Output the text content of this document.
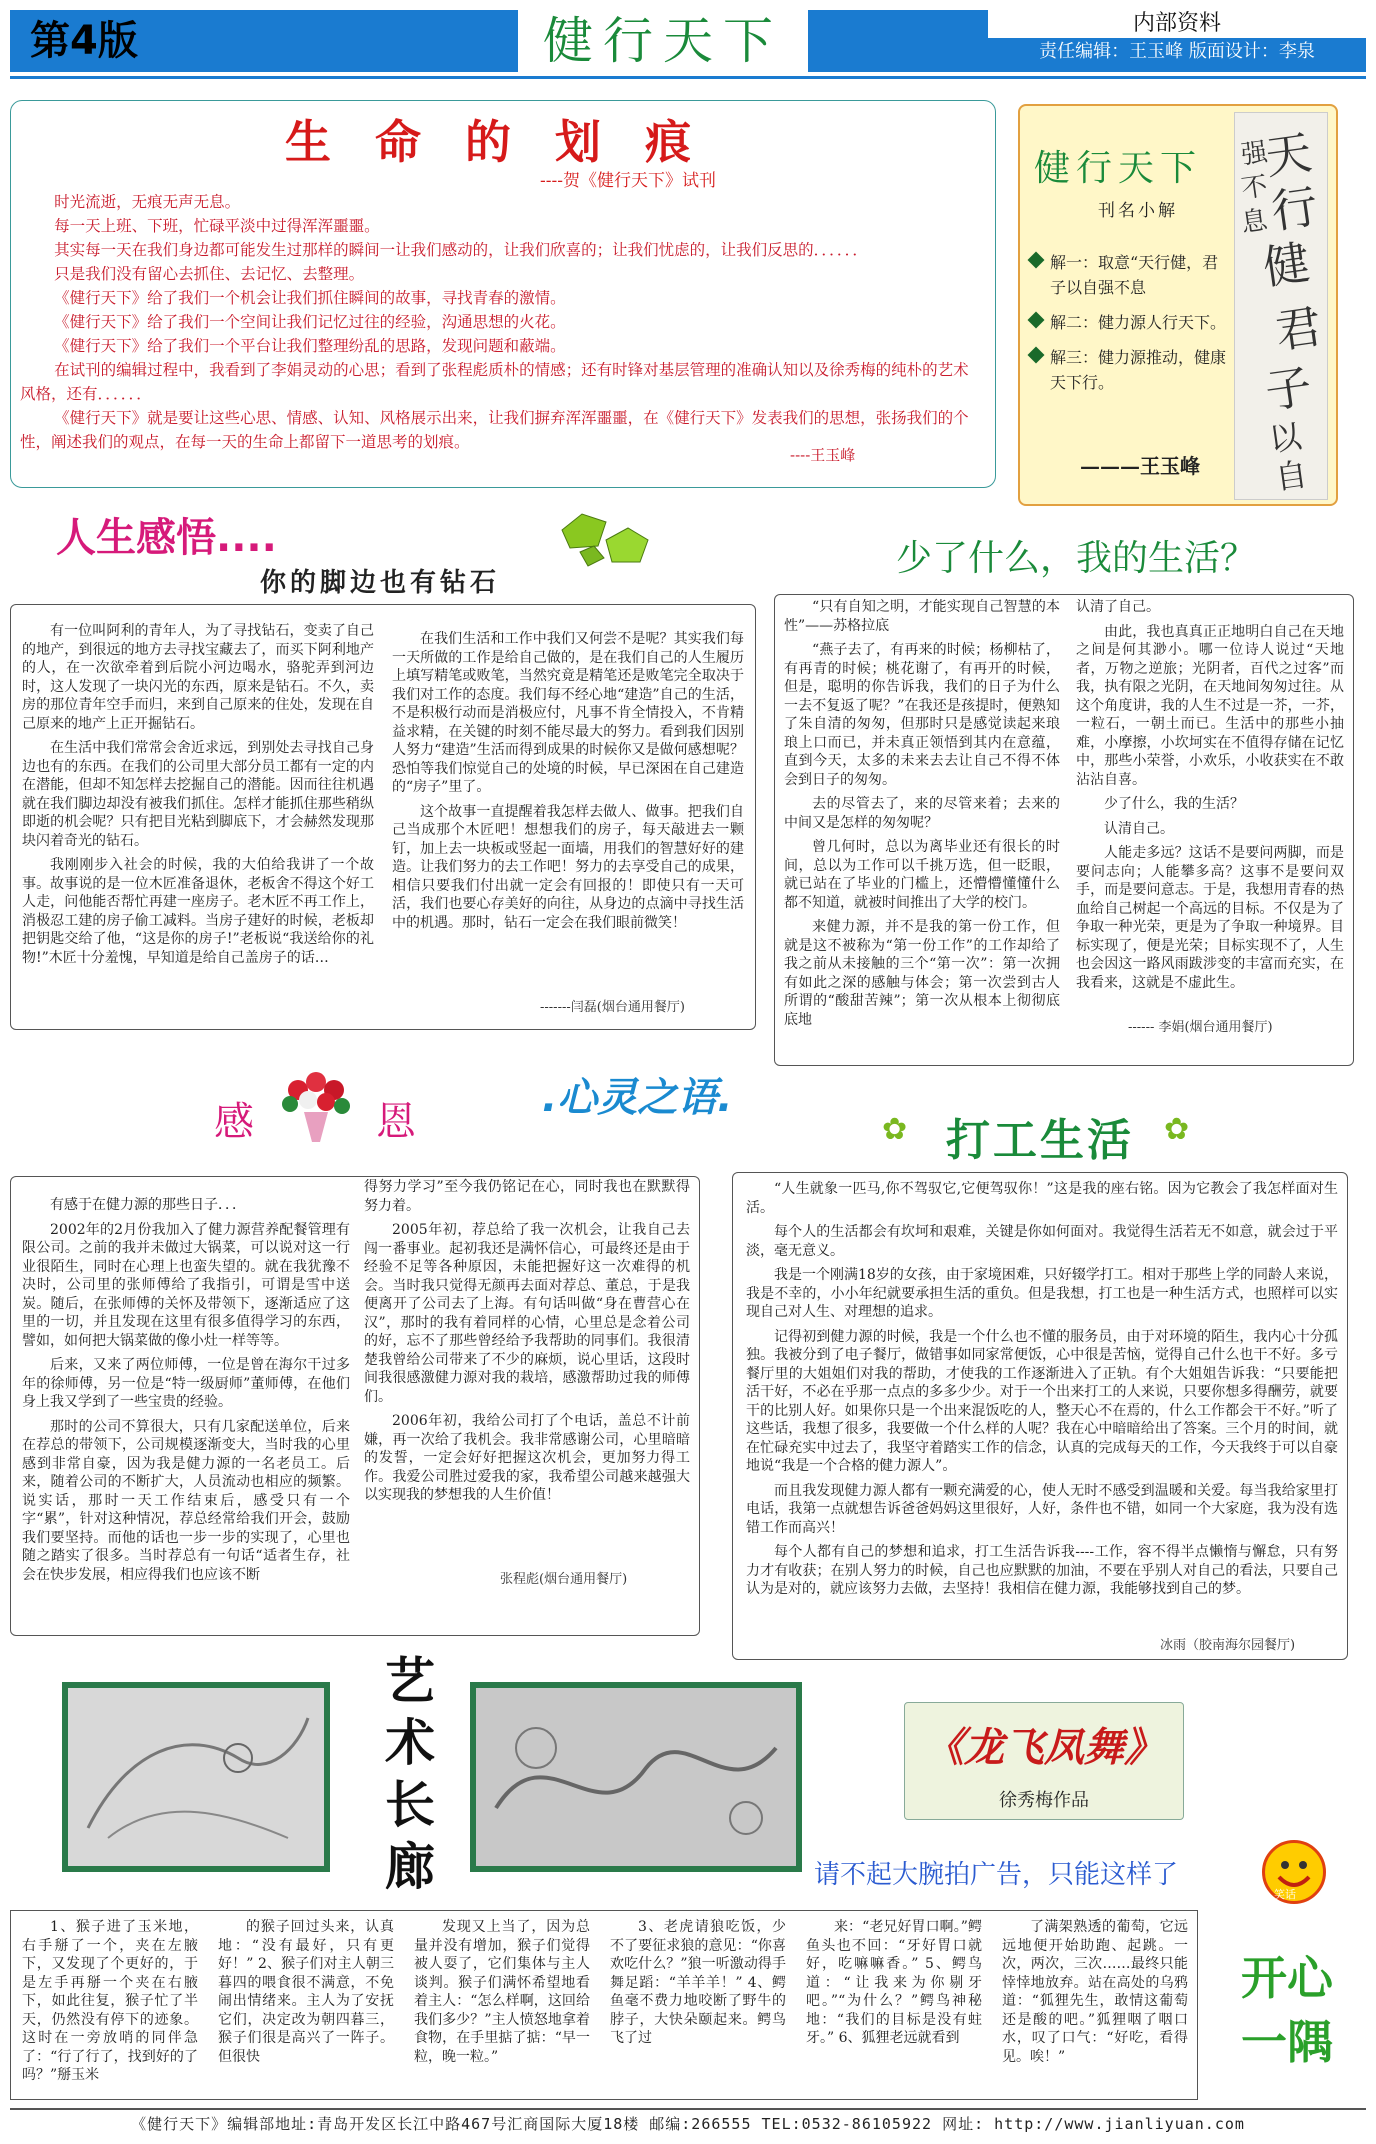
第4版	健行天下	内部资料
责任编辑：王玉峰 版面设计：李泉
生命的划痕
----贺《健行天下》试刊

时光流逝，无痕无声无息。

每一天上班、下班，忙碌平淡中过得浑浑噩噩。

其实每一天在我们身边都可能发生过那样的瞬间一让我们感动的，让我们欣喜的；让我们忧虑的，让我们反思的．．．．．．

只是我们没有留心去抓住、去记忆、去整理。

《健行天下》给了我们一个机会让我们抓住瞬间的故事，寻找青春的激情。

《健行天下》给了我们一个空间让我们记忆过往的经验，沟通思想的火花。

《健行天下》给了我们一个平台让我们整理纷乱的思路，发现问题和蔽端。

在试刊的编辑过程中，我看到了李娟灵动的心思；看到了张程彪质朴的情感；还有时锋对基层管理的准确认知以及徐秀梅的纯朴的艺术风格，还有．．．．．．

《健行天下》就是要让这些心思、情感、认知、风格展示出来，让我们摒弃浑浑噩噩，在《健行天下》发表我们的思想，张扬我们的个性，阐述我们的观点，在每一天的生命上都留下一道思考的划痕。

----王玉峰
健行天下
刊名小解
解一：取意“天行健，君子以自强不息
解二：健力源人行天下。
解三：健力源推动，健康天下行。
———王玉峰
天
行
健
君
子
强
不
息
以
自
人生感悟....
你的脚边也有钻石

有一位叫阿利的青年人，为了寻找钻石，变卖了自己的地产，到很远的地方去寻找宝藏去了，而买下阿利地产的人，在一次欲牵着到后院小河边喝水，骆驼弄到河边时，这人发现了一块闪光的东西，原来是钻石。不久，卖房的那位青年空手而归，来到自己原来的住处，发现在自己原来的地产上正开掘钻石。

在生活中我们常常会舍近求远，到别处去寻找自己身边也有的东西。在我们的公司里大部分员工都有一定的内在潜能，但却不知怎样去挖掘自己的潜能。因而往往机遇就在我们脚边却没有被我们抓住。怎样才能抓住那些稍纵即逝的机会呢？只有把目光粘到脚底下，才会赫然发现那块闪着奇光的钻石。

我刚刚步入社会的时候，我的大伯给我讲了一个故事。故事说的是一位木匠准备退休，老板舍不得这个好工人走，问他能否帮忙再建一座房子。老木匠不再工作上，消极忍工建的房子偷工减料。当房子建好的时候，老板却把钥匙交给了他，“这是你的房子!”老板说“我送给你的礼物!”木匠十分羞愧，早知道是给自己盖房子的话…

在我们生活和工作中我们又何尝不是呢？其实我们每一天所做的工作是给自己做的，是在我们自己的人生履历上填写精笔或败笔，当然究竟是精笔还是败笔完全取决于我们对工作的态度。我们每不经心地“建造”自己的生活，不是积极行动而是消极应付，凡事不肯全情投入，不肯精益求精，在关键的时刻不能尽最大的努力。看到我们因别人努力“建造”生活而得到成果的时候你又是做何感想呢？恐怕等我们惊觉自己的处境的时候，早已深困在自己建造的“房子”里了。

这个故事一直提醒着我怎样去做人、做事。把我们自己当成那个木匠吧！想想我们的房子，每天敲进去一颗钉，加上去一块板或竖起一面墙，用我们的智慧好好的建造。让我们努力的去工作吧！努力的去享受自己的成果，相信只要我们付出就一定会有回报的！即使只有一天可活，我们也要心存美好的向往，从身边的点滴中寻找生活中的机遇。那时，钻石一定会在我们眼前微笑！

-------闫磊(烟台通用餐厅)
少了什么，我的生活？

“只有自知之明，才能实现自己智慧的本性”——苏格拉底

“燕子去了，有再来的时候；杨柳枯了，有再青的时候；桃花谢了，有再开的时候，但是，聪明的你告诉我，我们的日子为什么一去不复返了呢？”在我还是孩提时，便熟知了朱自清的匆匆，但那时只是感觉读起来琅琅上口而已，并未真正领悟到其内在意蕴，直到今天，太多的未来去去让自己不得不体会到日子的匆匆。

去的尽管去了，来的尽管来着；去来的中间又是怎样的匆匆呢？

曾几何时，总以为离毕业还有很长的时间，总以为工作可以千挑万选，但一眨眼，就已站在了毕业的门槛上，还懵懵懂懂什么都不知道，就被时间推出了大学的校门。

来健力源，并不是我的第一份工作，但就是这不被称为“第一份工作”的工作却给了我之前从未接触的三个“第一次”：第一次拥有如此之深的感触与体会；第一次尝到古人所谓的“酸甜苦辣”；第一次从根本上彻彻底底地

认清了自己。

由此，我也真真正正地明白自己在天地之间是何其渺小。哪一位诗人说过“天地者，万物之逆旅；光阴者，百代之过客”而我，执有限之光阴，在天地间匆匆过往。从这个角度讲，我的人生不过是一芥，一芥，一粒石，一朝土而已。生活中的那些小抽难，小摩擦，小坎坷实在不值得存储在记忆中，那些小荣誉，小欢乐，小收获实在不敢沾沾自喜。

少了什么，我的生活？

认清自己。

人能走多远？这话不是要问两脚，而是要问志向；人能攀多高？这事不是要问双手，而是要问意志。于是，我想用青春的热血给自己树起一个高远的目标。不仅是为了争取一种光荣，更是为了争取一种境界。目标实现了，便是光荣；目标实现不了，人生也会因这一路风雨跋涉变的丰富而充实，在我看来，这就是不虚此生。

------ 李娟(烟台通用餐厅)
感	恩
.心灵之语.

有感于在健力源的那些日子．．．

2002年的2月份我加入了健力源营养配餐管理有限公司。之前的我并未做过大锅菜，可以说对这一行业很陌生，同时在心理上也蛮失望的。就在我犹豫不决时，公司里的张师傅给了我指引，可谓是雪中送炭。随后，在张师傅的关怀及带领下，逐渐适应了这里的一切，并且发现在这里有很多值得学习的东西，譬如，如何把大锅菜做的像小灶一样等等。

后来，又来了两位师傅，一位是曾在海尔干过多年的徐师傅，另一位是“特一级厨师”董师傅，在他们身上我又学到了一些宝贵的经验。

那时的公司不算很大，只有几家配送单位，后来在荐总的带领下，公司规模逐渐变大，当时我的心里感到非常自豪，因为我是健力源的一名老员工。后来，随着公司的不断扩大，人员流动也相应的频繁。说实话，那时一天工作结束后，感受只有一个字“累”，针对这种情况，荐总经常给我们开会，鼓励我们要坚持。而他的话也一步一步的实现了，心里也随之踏实了很多。当时荐总有一句话“适者生存，社会在快步发展，相应得我们也应该不断

得努力学习”至今我仍铭记在心，同时我也在默默得努力着。

2005年初，荐总给了我一次机会，让我自己去闯一番事业。起初我还是满怀信心，可最终还是由于经验不足等各种原因，未能把握好这一次难得的机会。当时我只觉得无颜再去面对荐总、董总，于是我便离开了公司去了上海。有句话叫做“身在曹营心在汉”，那时的我有着同样的心情，心里总是念着公司的好，忘不了那些曾经给予我帮助的同事们。我很清楚我曾给公司带来了不少的麻烦，说心里话，这段时间我很感激健力源对我的栽培，感激帮助过我的师傅们。

2006年初，我给公司打了个电话，盖总不计前嫌，再一次给了我机会。我非常感谢公司，心里暗暗的发誓，一定会好好把握这次机会，更加努力得工作。我爱公司胜过爱我的家，我希望公司越来越强大以实现我的梦想我的人生价值！

张程彪(烟台通用餐厅)
✿ 打工生活 ✿

“人生就象一匹马,你不驾驭它,它便驾驭你！”这是我的座右铭。因为它教会了我怎样面对生活。

每个人的生活都会有坎坷和艰难，关键是你如何面对。我觉得生活若无不如意，就会过于平淡，毫无意义。

我是一个刚满18岁的女孩，由于家境困难，只好辍学打工。相对于那些上学的同龄人来说，我是不幸的，小小年纪就要承担生活的重负。但是我想，打工也是一种生活方式，也照样可以实现自己对人生、对理想的追求。

记得初到健力源的时候，我是一个什么也不懂的服务员，由于对环境的陌生，我内心十分孤独。我被分到了电子餐厅，做错事如同家常便饭，心中很是苦恼，觉得自己什么也干不好。多亏餐厅里的大姐姐们对我的帮助，才使我的工作逐渐进入了正轨。有个大姐姐告诉我：“只要能把活干好，不必在乎那一点点的多多少少。对于一个出来打工的人来说，只要你想多得酬劳，就要干的比别人好。如果你只是一个出来混饭吃的人，整天心不在焉的，什么工作都会干不好。”听了这些话，我想了很多，我要做一个什么样的人呢？我在心中暗暗给出了答案。三个月的时间，就在忙碌充实中过去了，我坚守着踏实工作的信念，认真的完成每天的工作，今天我终于可以自豪地说“我是一个合格的健力源人”。

而且我发现健力源人都有一颗充满爱的心，使人无时不感受到温暖和关爱。每当我给家里打电话，我第一点就想告诉爸爸妈妈这里很好，人好，条件也不错，如同一个大家庭，我为没有选错工作而高兴！

每个人都有自己的梦想和追求，打工生活告诉我----工作，容不得半点懒惰与懈怠，只有努力才有收获；在别人努力的时候，自己也应默默的加油，不要在乎别人对自己的看法，只要自己认为是对的，就应该努力去做，去坚持！我相信在健力源，我能够找到自己的梦。

冰雨（胶南海尔园餐厅)
艺
术
长
廊
《龙飞凤舞》
徐秀梅作品
请不起大腕拍广告，只能这样了
笑话

1、猴子进了玉米地，右手掰了一个，夹在左腋下，又发现了个更好的，于是左手再掰一个夹在右腋下，如此往复，猴子忙了半天，仍然没有停下的迹象。这时在一旁放哨的同伴急了：“行了行了，找到好的了吗？”掰玉米

的猴子回过头来，认真地：“没有最好，只有更好！” 2、猴子们对主人朝三暮四的喂食很不满意，不免闹出情绪来。主人为了安抚它们，决定改为朝四暮三，猴子们很是高兴了一阵子。但很快

发现又上当了，因为总量并没有增加，猴子们觉得被人耍了，它们集体与主人谈判。猴子们满怀希望地看着主人：“怎么样啊，这回给我们多少？”主人愤怒地拿着食物，在手里掂了掂：“早一粒，晚一粒。”

3、老虎请狼吃饭，少不了要征求狼的意见：“你喜欢吃什么？”狼一听激动得手舞足蹈：“羊羊羊！” 4、鳄鱼毫不费力地咬断了野牛的脖子，大快朵颐起来。鳄鸟飞了过

来：“老兄好胃口啊。”鳄鱼头也不回：“牙好胃口就好，吃嘛嘛香。” 5、鳄鸟道：“让我来为你剔牙吧。”“为什么？”鳄鸟神秘地：“我们的目标是没有蛀牙。” 6、狐狸老远就看到

了满架熟透的葡萄，它远远地便开始助跑、起跳。一次，两次，三次……最终只能悻悻地放弃。站在高处的乌鸦道：“狐狸先生，敢情这葡萄还是酸的吧。”狐狸咽了咽口水，叹了口气：“好吃，看得见。唉！”

开心
一隅
《健行天下》编辑部地址:青岛开发区长江中路467号汇商国际大厦18楼 邮编:266555 TEL:0532-86105922 网址: http://www.jianliyuan.com
